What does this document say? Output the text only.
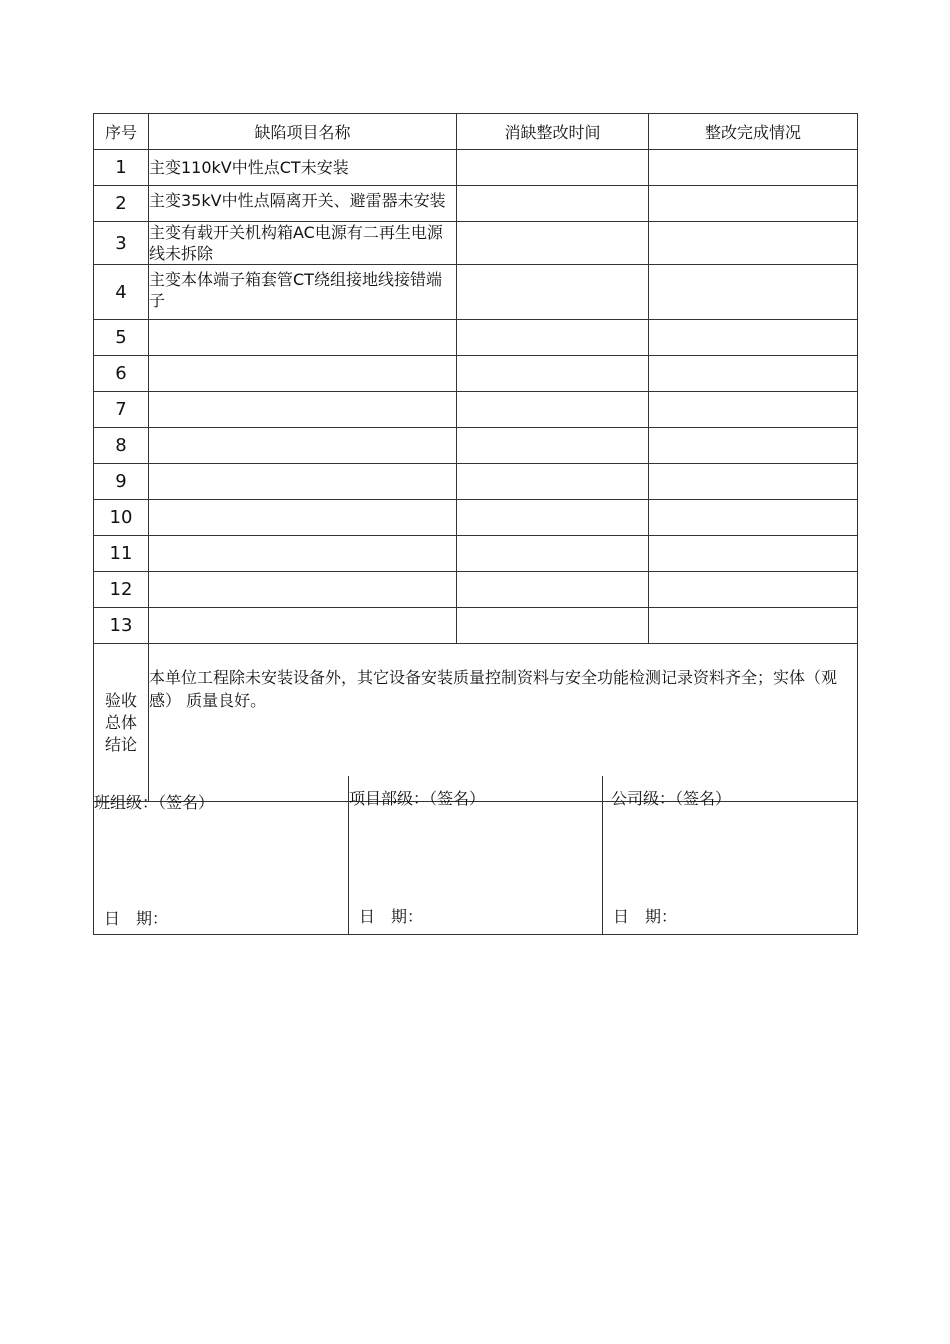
序号	缺陷项目名称	消缺整改时间	整改完成情况
1	主变110kV中性点CT未安装		

2	主变35kV中性点隔离开关、避雷器未安装		

3	主变有载开关机构箱AC电源有二再生电源线未拆除		

4	主变本体端子箱套管CT绕组接地线接错端子		

5			
6			
7			
8			
9			
10			
11			
12			
13			

验收总体结论	本单位工程除未安装设备外，其它设备安装质量控制资料与安全功能检测记录资料齐全；实体（观感） 质量良好。		
班组级：（签名）
日　期：

项目部级：（签名）
日　期：

公司级：（签名）
日　期：
